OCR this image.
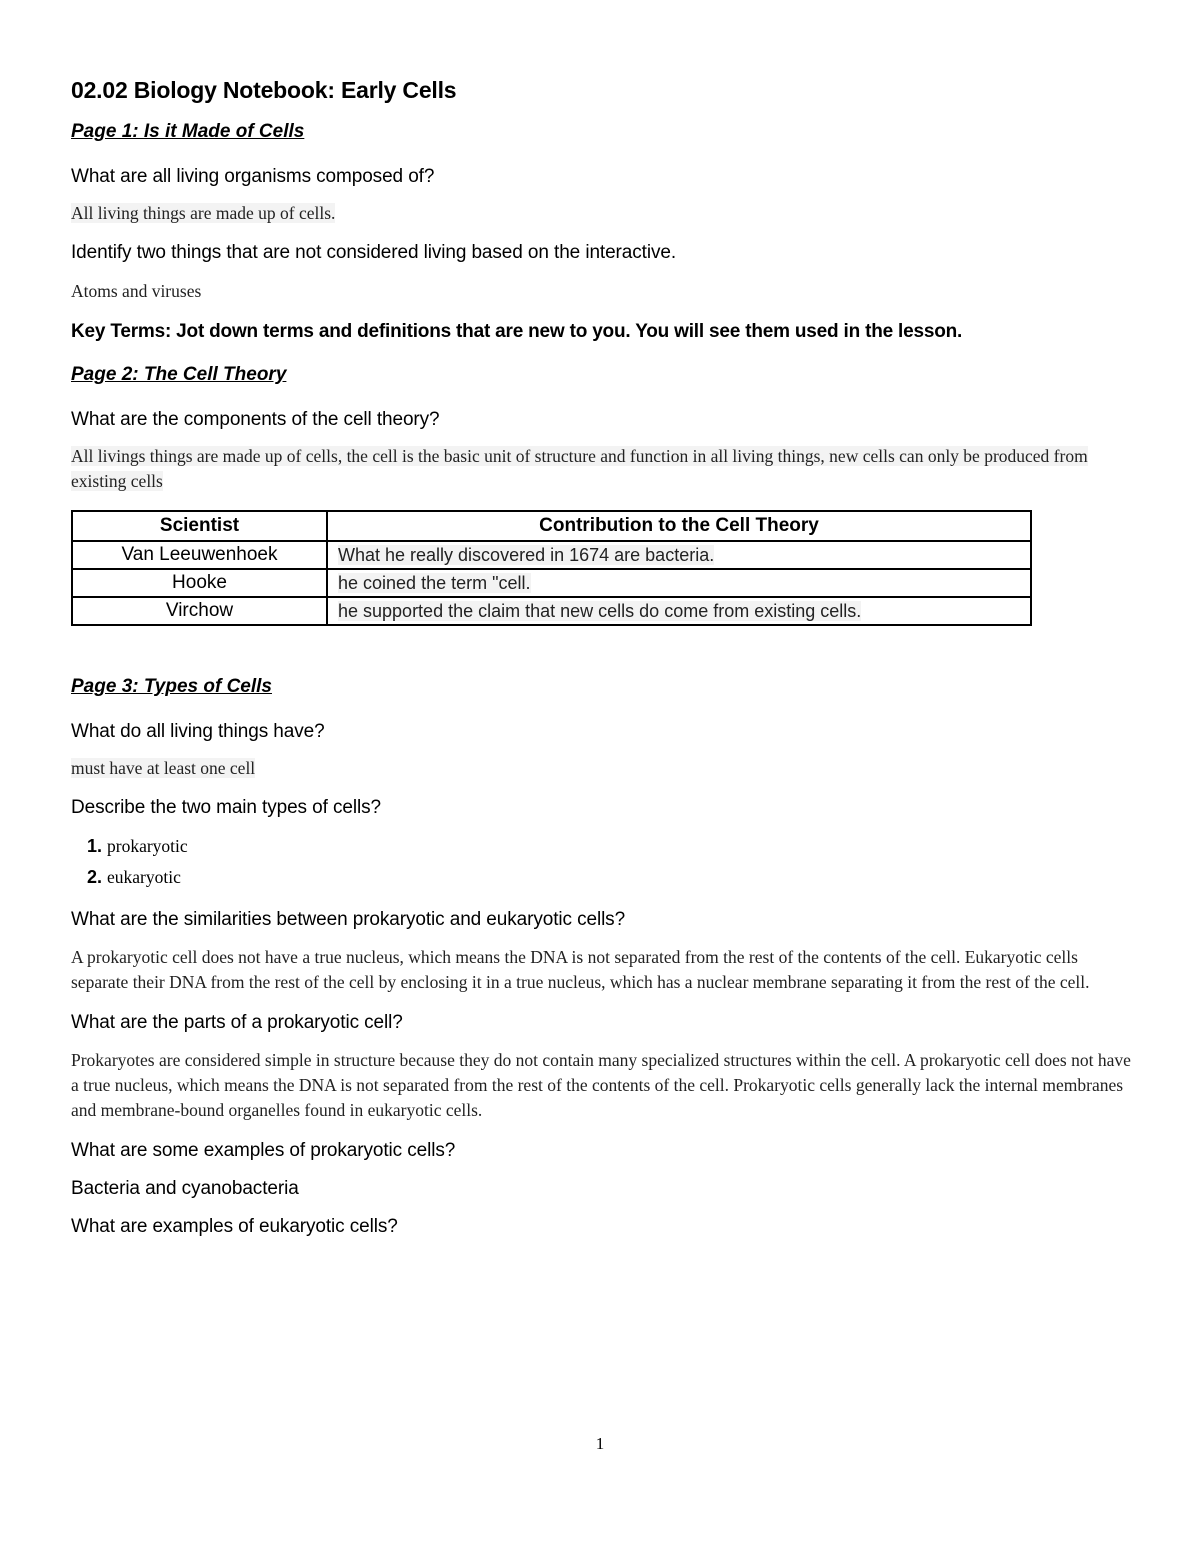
02.02 Biology Notebook: Early Cells

Page 1: Is it Made of Cells

What are all living organisms composed of?

All living things are made up of cells.

Identify two things that are not considered living based on the interactive.

Atoms and viruses

Key Terms: Jot down terms and definitions that are new to you. You will see them used in the lesson.

Page 2: The Cell Theory

What are the components of the cell theory?

All livings things are made up of cells, the cell is the basic unit of structure and function in all living things, new cells can only be produced from existing cells

Scientist	Contribution to the Cell Theory
Van Leeuwenhoek	What he really discovered in 1674 are bacteria.
Hooke	he coined the term "cell.
Virchow	he supported the claim that new cells do come from existing cells.

Page 3: Types of Cells

What do all living things have?

must have at least one cell

Describe the two main types of cells?

1. prokaryotic
2. eukaryotic

What are the similarities between prokaryotic and eukaryotic cells?

A prokaryotic cell does not have a true nucleus, which means the DNA is not separated from the rest of the contents of the cell. Eukaryotic cells separate their DNA from the rest of the cell by enclosing it in a true nucleus, which has a nuclear membrane separating it from the rest of the cell.

What are the parts of a prokaryotic cell?

Prokaryotes are considered simple in structure because they do not contain many specialized structures within the cell. A prokaryotic cell does not have a true nucleus, which means the DNA is not separated from the rest of the contents of the cell. Prokaryotic cells generally lack the internal membranes and membrane-bound organelles found in eukaryotic cells.

What are some examples of prokaryotic cells?

Bacteria and cyanobacteria

What are examples of eukaryotic cells?

1
